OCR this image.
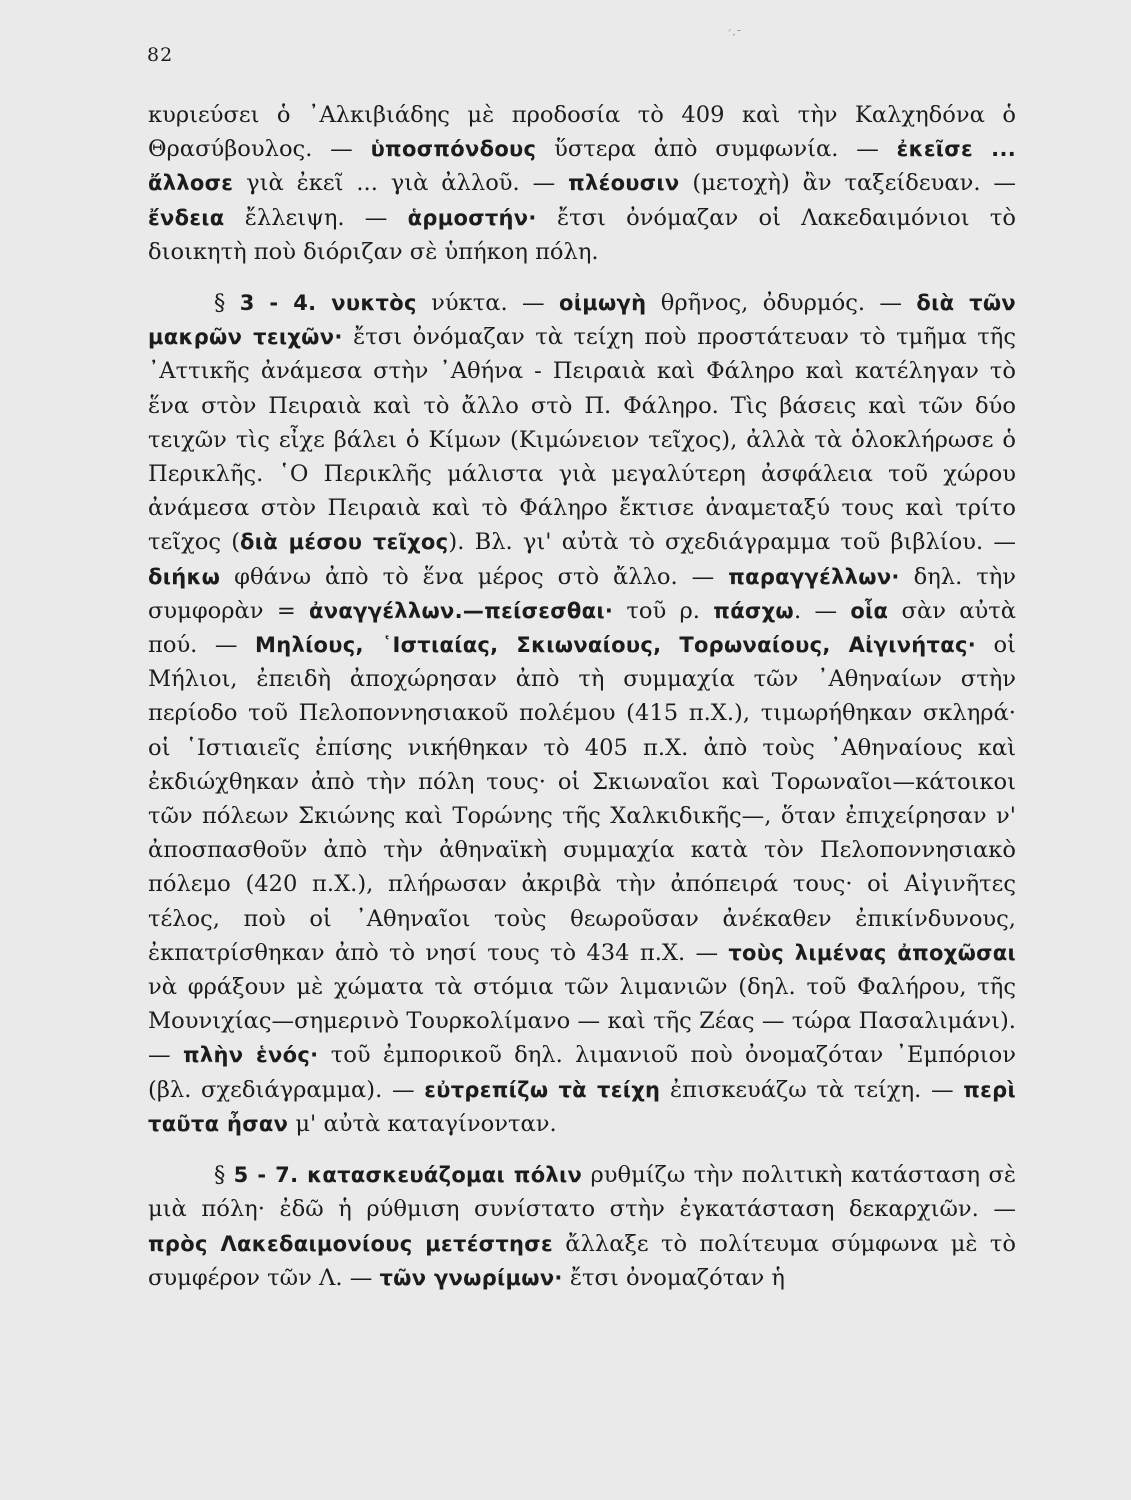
ˊ·ˉ
82

κυριεύσει ὁ ᾿Αλκιβιάδης μὲ προδοσία τὸ 409 καὶ τὴν Καλχηδόνα ὁ Θρασύβουλος. — ὑποσπόνδους ὕστερα ἀπὸ συμφωνία. — ἐκεῖσε ... ἄλλοσε γιὰ ἐκεῖ ... γιὰ ἀλλοῦ. — πλέουσιν (μετοχὴ) ἂν ταξείδευαν. — ἔνδεια ἔλλειψη. — ἁρμοστήν· ἔτσι ὀνόμαζαν οἱ Λακεδαιμόνιοι τὸ διοικητὴ ποὺ διόριζαν σὲ ὑπήκοη πόλη.

§ 3 - 4. νυκτὸς νύκτα. — οἰμωγὴ θρῆνος, ὀδυρμός. — διὰ τῶν μακρῶν τειχῶν· ἔτσι ὀνόμαζαν τὰ τείχη ποὺ προστάτευαν τὸ τμῆμα τῆς ᾿Αττικῆς ἀνάμεσα στὴν ᾿Αθήνα - Πειραιὰ καὶ Φάληρο καὶ κατέληγαν τὸ ἕνα στὸν Πειραιὰ καὶ τὸ ἄλλο στὸ Π. Φάληρο. Τὶς βάσεις καὶ τῶν δύο τειχῶν τὶς εἶχε βάλει ὁ Κίμων (Κιμώνειον τεῖχος), ἀλλὰ τὰ ὁλοκλήρωσε ὁ Περικλῆς. ῾Ο Περικλῆς μάλιστα γιὰ μεγαλύτερη ἀσφάλεια τοῦ χώρου ἀνάμεσα στὸν Πειραιὰ καὶ τὸ Φάληρο ἔκτισε ἀναμεταξύ τους καὶ τρίτο τεῖχος (διὰ μέσου τεῖχος). Βλ. γι' αὐτὰ τὸ σχεδιάγραμμα τοῦ βιβλίου. — διήκω φθάνω ἀπὸ τὸ ἕνα μέρος στὸ ἄλλο. — παραγγέλλων· δηλ. τὴν συμφορὰν = ἀναγγέλλων.—πείσεσθαι· τοῦ ρ. πάσχω. — οἷα σὰν αὐτὰ πού. — Μηλίους, ῾Ιστιαίας, Σκιωναίους, Τορωναίους, Αἰγινήτας· οἱ Μήλιοι, ἐπειδὴ ἀποχώρησαν ἀπὸ τὴ συμμαχία τῶν ᾿Αθηναίων στὴν περίοδο τοῦ Πελοποννησιακοῦ πολέμου (415 π.Χ.), τιμωρήθηκαν σκληρά· οἱ ῾Ιστιαιεῖς ἐπίσης νικήθηκαν τὸ 405 π.Χ. ἀπὸ τοὺς ᾿Αθηναίους καὶ ἐκδιώχθηκαν ἀπὸ τὴν πόλη τους· οἱ Σκιωναῖοι καὶ Τορωναῖοι—κάτοικοι τῶν πόλεων Σκιώνης καὶ Τορώνης τῆς Χαλκιδικῆς—, ὅταν ἐπιχείρησαν ν' ἀποσπασθοῦν ἀπὸ τὴν ἀθηναϊκὴ συμμαχία κατὰ τὸν Πελοποννησιακὸ πόλεμο (420 π.Χ.), πλήρωσαν ἀκριβὰ τὴν ἀπόπειρά τους· οἱ Αἰγινῆτες τέλος, ποὺ οἱ ᾿Αθηναῖοι τοὺς θεωροῦσαν ἀνέκαθεν ἐπικίνδυνους, ἐκπατρίσθηκαν ἀπὸ τὸ νησί τους τὸ 434 π.Χ. — τοὺς λιμένας ἀποχῶσαι νὰ φράξουν μὲ χώματα τὰ στόμια τῶν λιμανιῶν (δηλ. τοῦ Φαλήρου, τῆς Μουνιχίας—σημερινὸ Τουρκολίμανο — καὶ τῆς Ζέας — τώρα Πασαλιμάνι). — πλὴν ἑνός· τοῦ ἐμπορικοῦ δηλ. λιμανιοῦ ποὺ ὀνομαζόταν ᾿Εμπόριον (βλ. σχεδιάγραμμα). — εὐτρεπίζω τὰ τείχη ἐπισκευάζω τὰ τείχη. — περὶ ταῦτα ἦσαν μ' αὐτὰ καταγίνονταν.

§ 5 - 7. κατασκευάζομαι πόλιν ρυθμίζω τὴν πολιτικὴ κατάσταση σὲ μιὰ πόλη· ἐδῶ ἡ ρύθμιση συνίστατο στὴν ἐγκατάσταση δεκαρχιῶν. — πρὸς Λακεδαιμονίους μετέστησε ἄλλαξε τὸ πολίτευμα σύμφωνα μὲ τὸ συμφέρον τῶν Λ. — τῶν γνωρίμων· ἔτσι ὀνομαζόταν ἡ
